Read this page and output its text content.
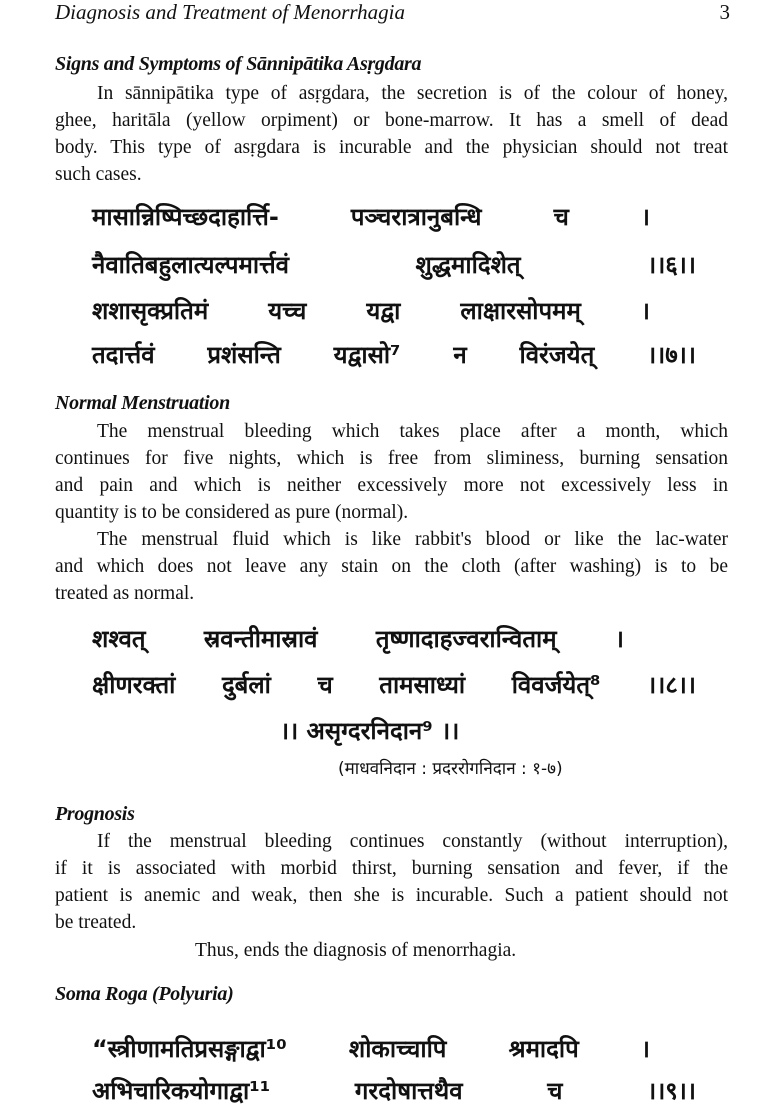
Diagnosis and Treatment of Menorrhagia	3
Signs and Symptoms of Sānnipātika Asṛgdara
In sānnipātika type of asṛgdara, the secretion is of the colour of honey,
ghee, haritāla (yellow orpiment) or bone-marrow. It has a smell of dead
body. This type of asṛgdara is incurable and the physician should not treat
such cases.
मासान्निष्पिच्छदाहार्त्ति-	पञ्चरात्रानुबन्धि	च	।
नैवातिबहुलात्यल्पमार्त्तवं	शुद्धमादिशेत्	।।६।।
शशासृक्प्रतिमं	यच्च	यद्वा	लाक्षारसोपमम्	।
तदार्त्तवं प्रशंसन्ति यद्वासो⁷ न विरंजयेत् ।।७।।
Normal Menstruation
The menstrual bleeding which takes place after a month, which
continues for five nights, which is free from sliminess, burning sensation
and pain and which is neither excessively more not excessively less in
quantity is to be considered as pure (normal).
The menstrual fluid which is like rabbit's blood or like the lac-water
and which does not leave any stain on the cloth (after washing) is to be
treated as normal.
शश्वत् स्रवन्तीमास्रावं तृष्णादाहज्वरान्विताम् ।
क्षीणरक्तां दुर्बलां च तामसाध्यां विवर्जयेत्⁸ ।।८।।
।। असृग्दरनिदान⁹ ।।
(माधवनिदान : प्रदररोगनिदान : १-७)
Prognosis
If the menstrual bleeding continues constantly (without interruption),
if it is associated with morbid thirst, burning sensation and fever, if the
patient is anemic and weak, then she is incurable. Such a patient should not
be treated.
Thus, ends the diagnosis of menorrhagia.
Soma Roga (Polyuria)
“स्त्रीणामतिप्रसङ्गाद्वा¹⁰	शोकाच्चापि	श्रमादपि	।
अभिचारिकयोगाद्वा¹¹	गरदोषात्तथैव	च	।।९।।
